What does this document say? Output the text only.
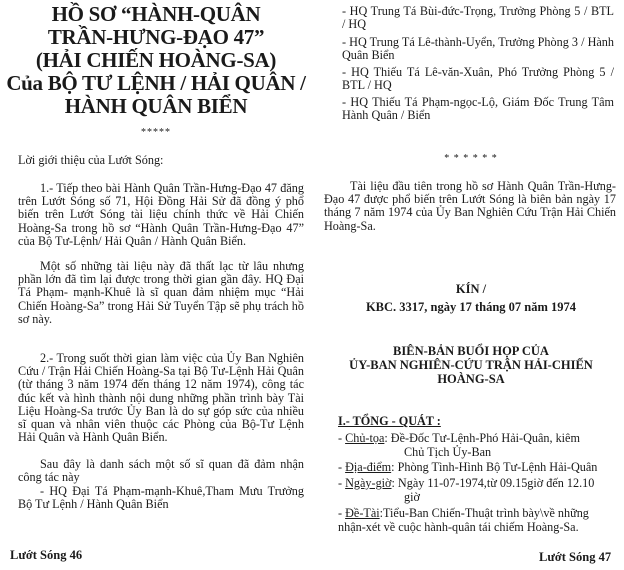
HỒ SƠ “HÀNH-QUÂN
TRẦN-HƯNG-ĐẠO 47”
(HẢI CHIẾN HOÀNG-SA)
Của BỘ TƯ LỆNH / HẢI QUÂN /
HÀNH QUÂN BIỂN
*****
Lời giới thiệu của Lướt Sóng:
1.- Tiếp theo bài Hành Quân Trần-Hưng-Đạo 47 đăng trên Lướt Sóng số 71, Hội Đồng Hải Sử đã đồng ý phổ biến trên Lướt Sóng tài liệu chính thức về Hải Chiến Hoàng-Sa trong hồ sơ “Hành Quân Trần-Hưng-Đạo 47” của Bộ Tư-Lệnh/ Hải Quân / Hành Quân Biển.
Một số những tài liệu này đã thất lạc từ lâu nhưng phần lớn đã tìm lại được trong thời gian gần đây. HQ Đại Tá Phạm- mạnh-Khuê là sĩ quan đảm nhiệm mục “Hải Chiến Hoàng-Sa” trong Hải Sử Tuyển Tập sẽ phụ trách hồ sơ này.
2.- Trong suốt thời gian làm việc của Ủy Ban Nghiên Cứu / Trận Hải Chiến Hoàng-Sa tại Bộ Tư-Lệnh Hải Quân (từ tháng 3 năm 1974 đến tháng 12 năm 1974), công tác đúc kết và hình thành nội dung những phần trình bày Tài Liệu Hoàng-Sa trước Ủy Ban là do sự góp sức của nhiều sĩ quan và nhân viên thuộc các Phòng của Bộ-Tư Lệnh Hải Quân và Hành Quân Biển.
Sau đây là danh sách một số sĩ quan đã đảm nhận công tác này
- HQ Đại Tá Phạm-mạnh-Khuê,Tham Mưu Trưởng Bộ Tư Lệnh / Hành Quân Biển
Lướt Sóng 46
- HQ Trung Tá Bùi-đức-Trọng, Trưởng Phòng 5 / BTL / HQ
- HQ Trung Tá Lê-thành-Uyển, Trưởng Phòng 3 / Hành Quân Biển
- HQ Thiếu Tá Lê-văn-Xuân, Phó Trưởng Phòng 5 / BTL / HQ
- HQ Thiếu Tá Phạm-ngọc-Lộ, Giám Đốc Trung Tâm Hành Quân / Biển
* * * * * *
Tài liệu đầu tiên trong hồ sơ Hành Quân Trần-Hưng-Đạo 47 được phổ biến trên Lướt Sóng là biên bản ngày 17 tháng 7 năm 1974 của Ủy Ban Nghiên Cứu Trận Hải Chiến Hoàng-Sa.
KÍN /
KBC. 3317, ngày 17 tháng 07 năm 1974
BIÊN-BẢN BUỔI HỌP CỦA
ỦY-BAN NGHIÊN-CỨU TRẬN HẢI-CHIẾN
HOÀNG-SA
I.- TỔNG - QUÁT :
- Chủ-tọa: Đề-Đốc Tư-Lệnh-Phó Hải-Quân, kiêm
Chủ Tịch Ủy-Ban
- Địa-điểm: Phòng Tình-Hình Bộ Tư-Lệnh Hải-Quân
- Ngày-giờ: Ngày 11-07-1974,từ 09.15giờ đến 12.10
giờ
- Đề-Tài:Tiểu-Ban Chiến-Thuật trình bày\về những
nhận-xét về cuộc hành-quân tái chiếm Hoàng-Sa.
Lướt Sóng 47
